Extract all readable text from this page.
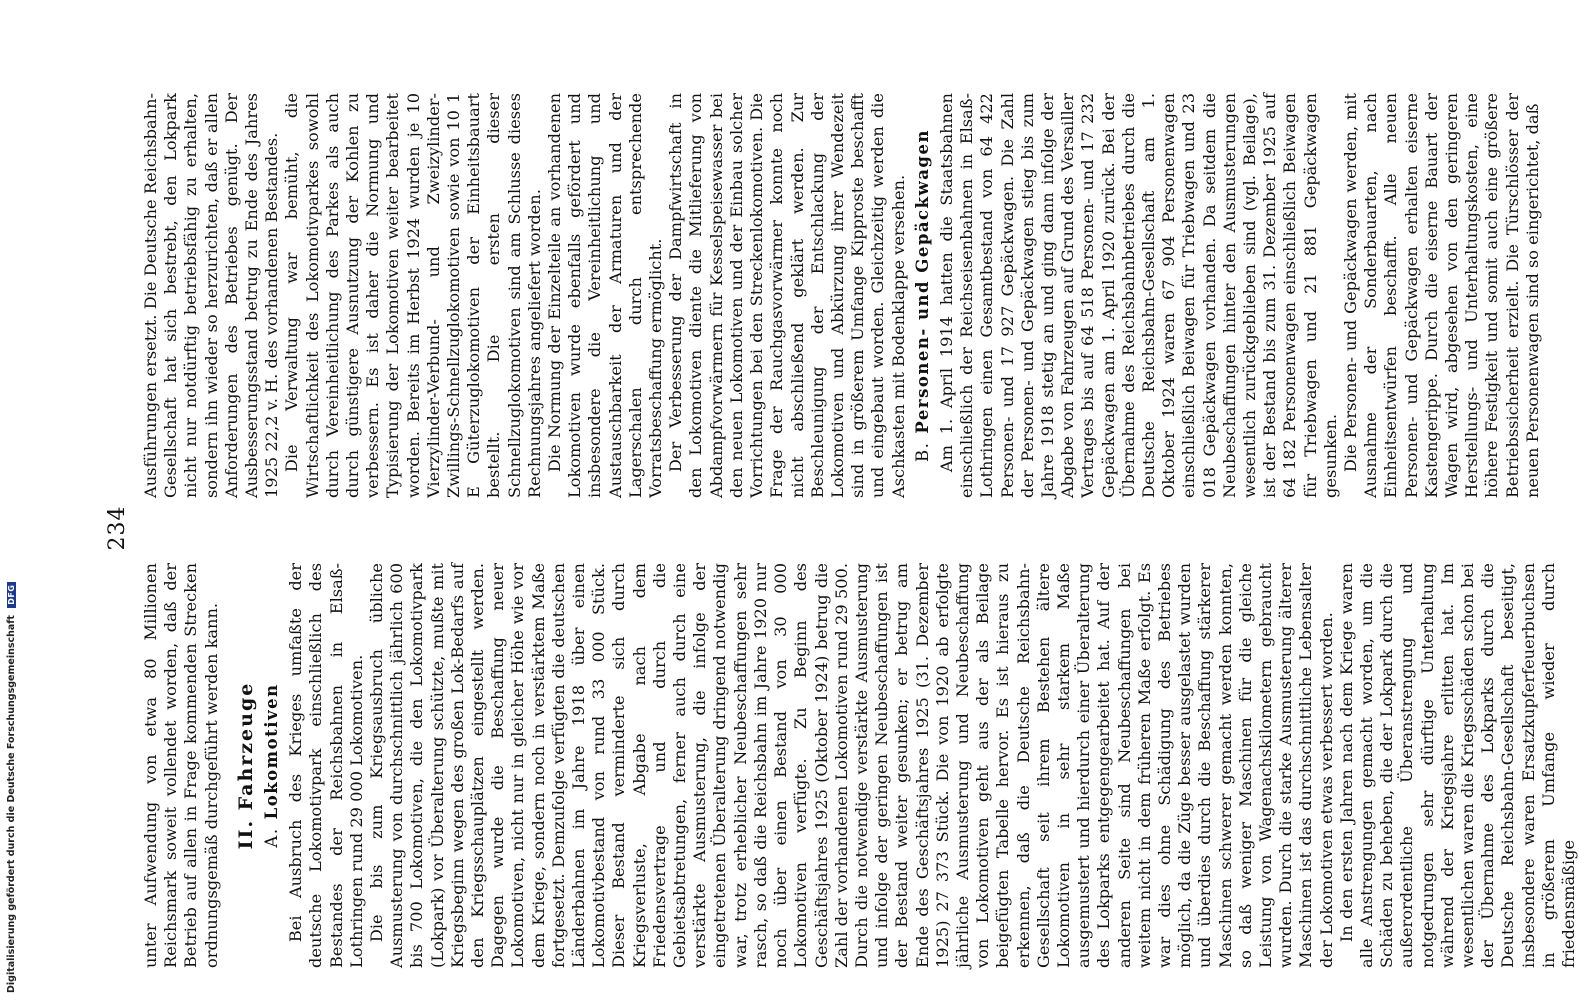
Digitalisierung gefördert durch die Deutsche Forschungsgemeinschaft DFG
234

unter Aufwendung von etwa 80 Millionen Reichsmark soweit vollendet worden, daß der Betrieb auf allen in Frage kommenden Strecken ordnungsgemäß durchgeführt werden kann. II. Fahrzeuge A.Lokomotiven Bei Ausbruch des Krieges umfaßte der deutsche Lokomotivpark einschließlich des Bestandes der Reichsbahnen in Elsaß-Lothringen rund 29 000 Lokomotiven. Die bis zum Kriegsausbruch übliche Ausmusterung von durchschnittlich jährlich 600 bis 700 Lokomotiven, die den Lokomotivpark (Lokpark) vor Überalterung schützte, mußte mit Kriegsbeginn wegen des großen Lok-Bedarfs auf den Kriegsschauplätzen eingestellt werden. Dagegen wurde die Beschaffung neuer Lokomotiven, nicht nur in gleicher Höhe wie vor dem Kriege, sondern noch in verstärktem Maße fortgesetzt. Demzufolge verfügten die deutschen Länderbahnen im Jahre 1918 über einen Lokomotivbestand von rund 33 000 Stück. Dieser Bestand verminderte sich durch Kriegsverluste, Abgabe nach dem Friedensvertrage und durch die Gebietsabtretungen, ferner auch durch eine verstärkte Ausmusterung, die infolge der eingetretenen Überalterung dringend notwendig war, trotz erheblicher Neubeschaffungen sehr rasch, so daß die Reichsbahn im Jahre 1920 nur noch über einen Bestand von 30 000 Lokomotiven verfügte. Zu Beginn des Geschäftsjahres 1925 (Oktober 1924) betrug die Zahl der vorhandenen Lokomotiven rund 29 500. Durch die notwendige verstärkte Ausmusterung und infolge der geringen Neubeschaffungen ist der Bestand weiter gesunken; er betrug am Ende des Geschäftsjahres 1925 (31. Dezember 1925) 27 373 Stück. Die von 1920 ab erfolgte jährliche Ausmusterung und Neubeschaffung von Lokomotiven geht aus der als Beilage beigefügten Tabelle hervor. Es ist hieraus zu erkennen, daß die Deutsche Reichsbahn-Gesellschaft seit ihrem Bestehen ältere Lokomotiven in sehr starkem Maße ausgemustert und hierdurch einer Überalterung des Lokparks entgegengearbeitet hat. Auf der anderen Seite sind Neubeschaffungen bei weitem nicht in dem früheren Maße erfolgt. Es war dies ohne Schädigung des Betriebes möglich, da die Züge besser ausgelastet wurden und überdies durch die Beschaffung stärkerer Maschinen schwerer gemacht werden konnten, so daß weniger Maschinen für die gleiche Leistung von Wagenachskilometern gebraucht wurden. Durch die starke Ausmusterung älterer Maschinen ist das durchschnittliche Lebensalter der Lokomotiven etwas verbessert worden. In den ersten Jahren nach dem Kriege waren alle Anstrengungen gemacht worden, um die Schäden zu beheben, die der Lokpark durch die außerordentliche Überanstrengung und notgedrungen sehr dürftige Unterhaltung während der Kriegsjahre erlitten hat. Im wesentlichen waren die Kriegsschäden schon bei der Übernahme des Lokparks durch die Deutsche Reichsbahn-Gesellschaft beseitigt, insbesondere waren Ersatzkupferfeuerbuchsen in größerem Umfange wieder durch friedensmäßige

Ausführungen ersetzt. Die Deutsche Reichsbahn-Gesellschaft hat sich bestrebt, den Lokpark nicht nur notdürftig betriebsfähig zu erhalten, sondern ihn wieder so herzurichten, daß er allen Anforderungen des Betriebes genügt. Der Ausbesserungsstand betrug zu Ende des Jahres 1925 22,2 v. H. des vorhandenen Bestandes. Die Verwaltung war bemüht, die Wirtschaftlichkeit des Lokomotivparkes sowohl durch Vereinheitlichung des Parkes als auch durch günstigere Ausnutzung der Kohlen zu verbessern. Es ist daher die Normung und Typisierung der Lokomotiven weiter bearbeitet worden. Bereits im Herbst 1924 wurden je 10 Vierzylinder-Verbund- und Zweizylinder-Zwillings-Schnellzuglokomotiven sowie von 10 1 E Güterzuglokomotiven der Einheitsbauart bestellt. Die ersten dieser Schnellzuglokomotiven sind am Schlusse dieses Rechnungsjahres angeliefert worden. Die Normung der Einzelteile an vorhandenen Lokomotiven wurde ebenfalls gefördert und insbesondere die Vereinheitlichung und Austauschbarkeit der Armaturen und der Lagerschalen durch entsprechende Vorratsbeschaffung ermöglicht. Der Verbesserung der Dampfwirtschaft in den Lokomotiven diente die Mitlieferung von Abdampfvorwärmern für Kesselspeisewasser bei den neuen Lokomotiven und der Einbau solcher Vorrichtungen bei den Streckenlokomotiven. Die Frage der Rauchgasvorwärmer konnte noch nicht abschließend geklärt werden. Zur Beschleunigung der Entschlackung der Lokomotiven und Abkürzung ihrer Wendezeit sind in größerem Umfange Kipproste beschafft und eingebaut worden. Gleichzeitig werden die Aschkasten mit Bodenklappe versehen. B.Personen- und Gepäckwagen Am 1. April 1914 hatten die Staatsbahnen einschließlich der Reichseisenbahnen in Elsaß-Lothringen einen Gesamtbestand von 64 422 Personen- und 17 927 Gepäckwagen. Die Zahl der Personen- und Gepäckwagen stieg bis zum Jahre 1918 stetig an und ging dann infolge der Abgabe von Fahrzeugen auf Grund des Versailler Vertrages bis auf 64 518 Personen- und 17 232 Gepäckwagen am 1. April 1920 zurück. Bei der Übernahme des Reichsbahnbetriebes durch die Deutsche Reichsbahn-Gesellschaft am 1. Oktober 1924 waren 67 904 Personenwagen einschließlich Beiwagen für Triebwagen und 23 018 Gepäckwagen vorhanden. Da seitdem die Neubeschaffungen hinter den Ausmusterungen wesentlich zurückgeblieben sind (vgl. Beilage), ist der Bestand bis zum 31. Dezember 1925 auf 64 182 Personenwagen einschließlich Beiwagen für Triebwagen und 21 881 Gepäckwagen gesunken. Die Personen- und Gepäckwagen werden, mit Ausnahme der Sonderbauarten, nach Einheitsentwürfen beschafft. Alle neuen Personen- und Gepäckwagen erhalten eiserne Kastengerippe. Durch die eiserne Bauart der Wagen wird, abgesehen von den geringeren Herstellungs- und Unterhaltungskosten, eine höhere Festigkeit und somit auch eine größere Betriebssicherheit erzielt. Die Türschlösser der neuen Personenwagen sind so eingerichtet, daß
